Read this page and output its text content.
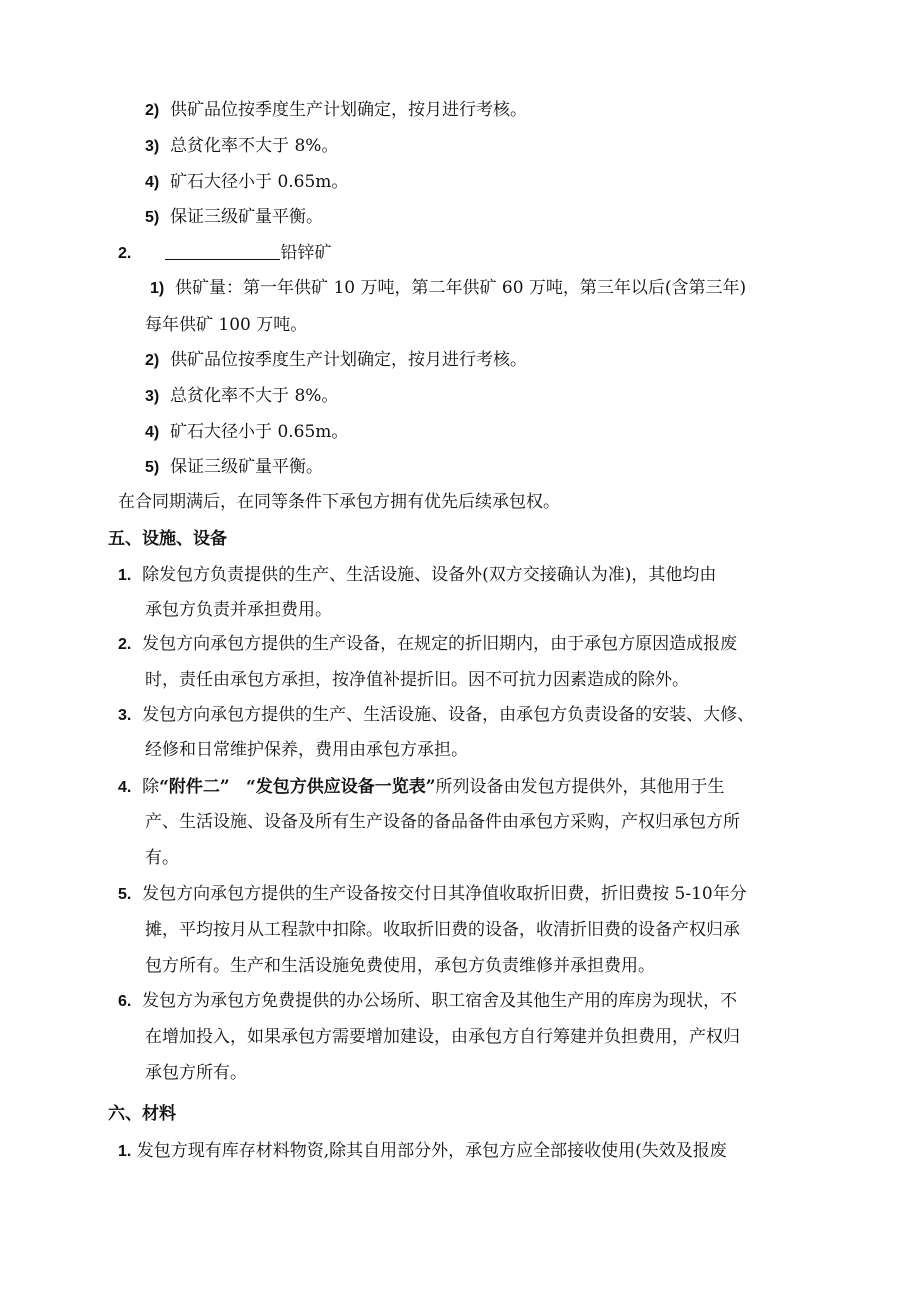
2) 供矿品位按季度生产计划确定，按月进行考核。
3) 总贫化率不大于 8%。
4) 矿石大径小于 0.65m。
5) 保证三级矿量平衡。
2.	铅锌矿
1) 供矿量：第一年供矿 10 万吨，第二年供矿 60 万吨，第三年以后(含第三年)
每年供矿 100 万吨。
2) 供矿品位按季度生产计划确定，按月进行考核。
3) 总贫化率不大于 8%。
4) 矿石大径小于 0.65m。
5) 保证三级矿量平衡。
在合同期满后，在同等条件下承包方拥有优先后续承包权。
五、设施、设备
1. 除发包方负责提供的生产、生活设施、设备外(双方交接确认为准)，其他均由
承包方负责并承担费用。
2. 发包方向承包方提供的生产设备，在规定的折旧期内，由于承包方原因造成报废
时，责任由承包方承担，按净值补提折旧。因不可抗力因素造成的除外。
3. 发包方向承包方提供的生产、生活设施、设备，由承包方负责设备的安装、大修、
经修和日常维护保养，费用由承包方承担。
4. 除“附件二” “发包方供应设备一览表”所列设备由发包方提供外，其他用于生
产、生活设施、设备及所有生产设备的备品备件由承包方采购，产权归承包方所
有。
5. 发包方向承包方提供的生产设备按交付日其净值收取折旧费，折旧费按 5-10年分
摊，平均按月从工程款中扣除。收取折旧费的设备，收清折旧费的设备产权归承
包方所有。生产和生活设施免费使用，承包方负责维修并承担费用。
6. 发包方为承包方免费提供的办公场所、职工宿舍及其他生产用的库房为现状，不
在增加投入，如果承包方需要增加建设，由承包方自行筹建并负担费用，产权归
承包方所有。
六、材料
1. 发包方现有库存材料物资,除其自用部分外，承包方应全部接收使用(失效及报废
